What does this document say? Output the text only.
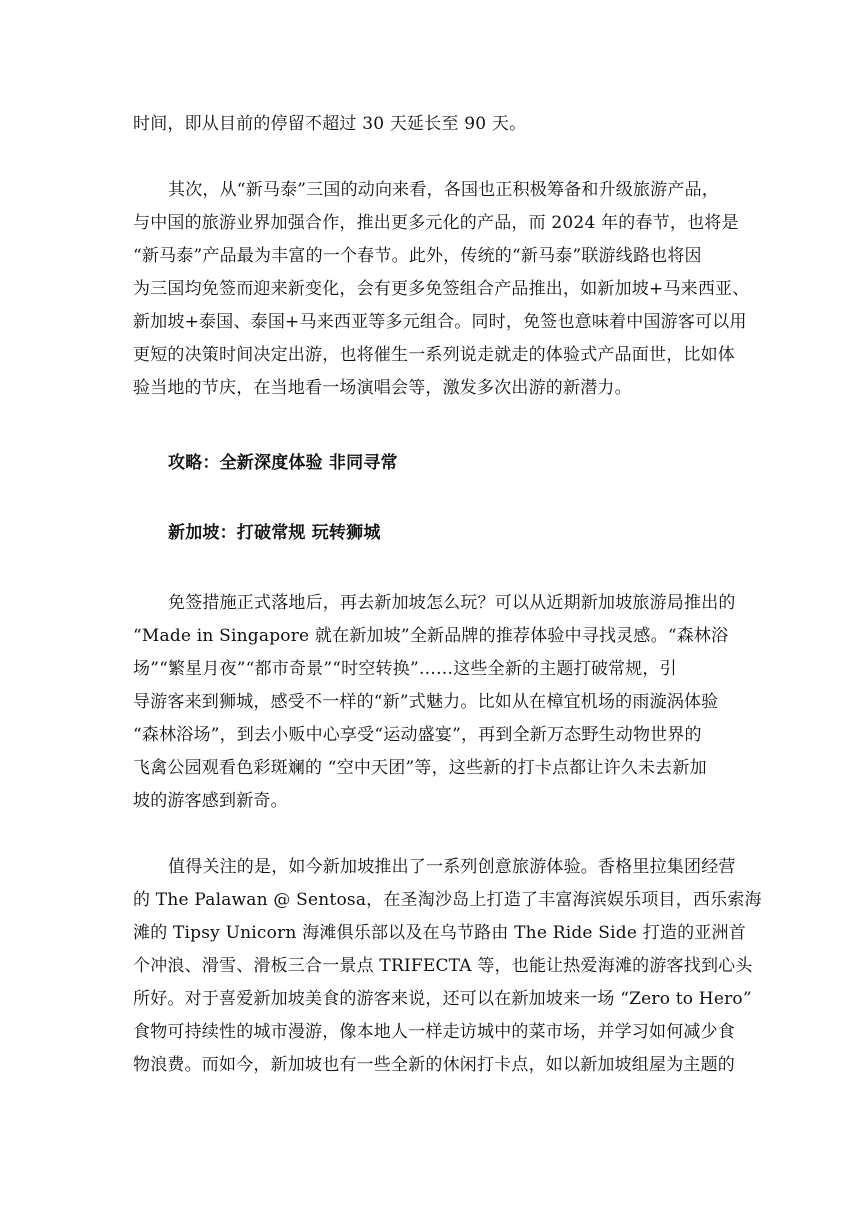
时间，即从目前的停留不超过 30 天延长至 90 天。
其次，从“新马泰”三国的动向来看，各国也正积极筹备和升级旅游产品，
与中国的旅游业界加强合作，推出更多元化的产品，而 2024 年的春节，也将是
“新马泰”产品最为丰富的一个春节。此外，传统的“新马泰”联游线路也将因
为三国均免签而迎来新变化，会有更多免签组合产品推出，如新加坡+马来西亚、
新加坡+泰国、泰国+马来西亚等多元组合。同时，免签也意味着中国游客可以用
更短的决策时间决定出游，也将催生一系列说走就走的体验式产品面世，比如体
验当地的节庆，在当地看一场演唱会等，激发多次出游的新潜力。
攻略：全新深度体验 非同寻常
新加坡：打破常规 玩转狮城
免签措施正式落地后，再去新加坡怎么玩？可以从近期新加坡旅游局推出的
“Made in Singapore 就在新加坡”全新品牌的推荐体验中寻找灵感。“森林浴
场”“繁星月夜”“都市奇景”“时空转换”……这些全新的主题打破常规，引
导游客来到狮城，感受不一样的“新”式魅力。比如从在樟宜机场的雨漩涡体验
“森林浴场”，到去小贩中心享受“运动盛宴”，再到全新万态野生动物世界的
飞禽公园观看色彩斑斓的 “空中天团”等，这些新的打卡点都让许久未去新加
坡的游客感到新奇。
值得关注的是，如今新加坡推出了一系列创意旅游体验。香格里拉集团经营
的 The Palawan @ Sentosa，在圣淘沙岛上打造了丰富海滨娱乐项目，西乐索海
滩的 Tipsy Unicorn 海滩俱乐部以及在乌节路由 The Ride Side 打造的亚洲首
个冲浪、滑雪、滑板三合一景点 TRIFECTA 等，也能让热爱海滩的游客找到心头
所好。对于喜爱新加坡美食的游客来说，还可以在新加坡来一场 “Zero to Hero”
食物可持续性的城市漫游，像本地人一样走访城中的菜市场，并学习如何减少食
物浪费。而如今，新加坡也有一些全新的休闲打卡点，如以新加坡组屋为主题的
